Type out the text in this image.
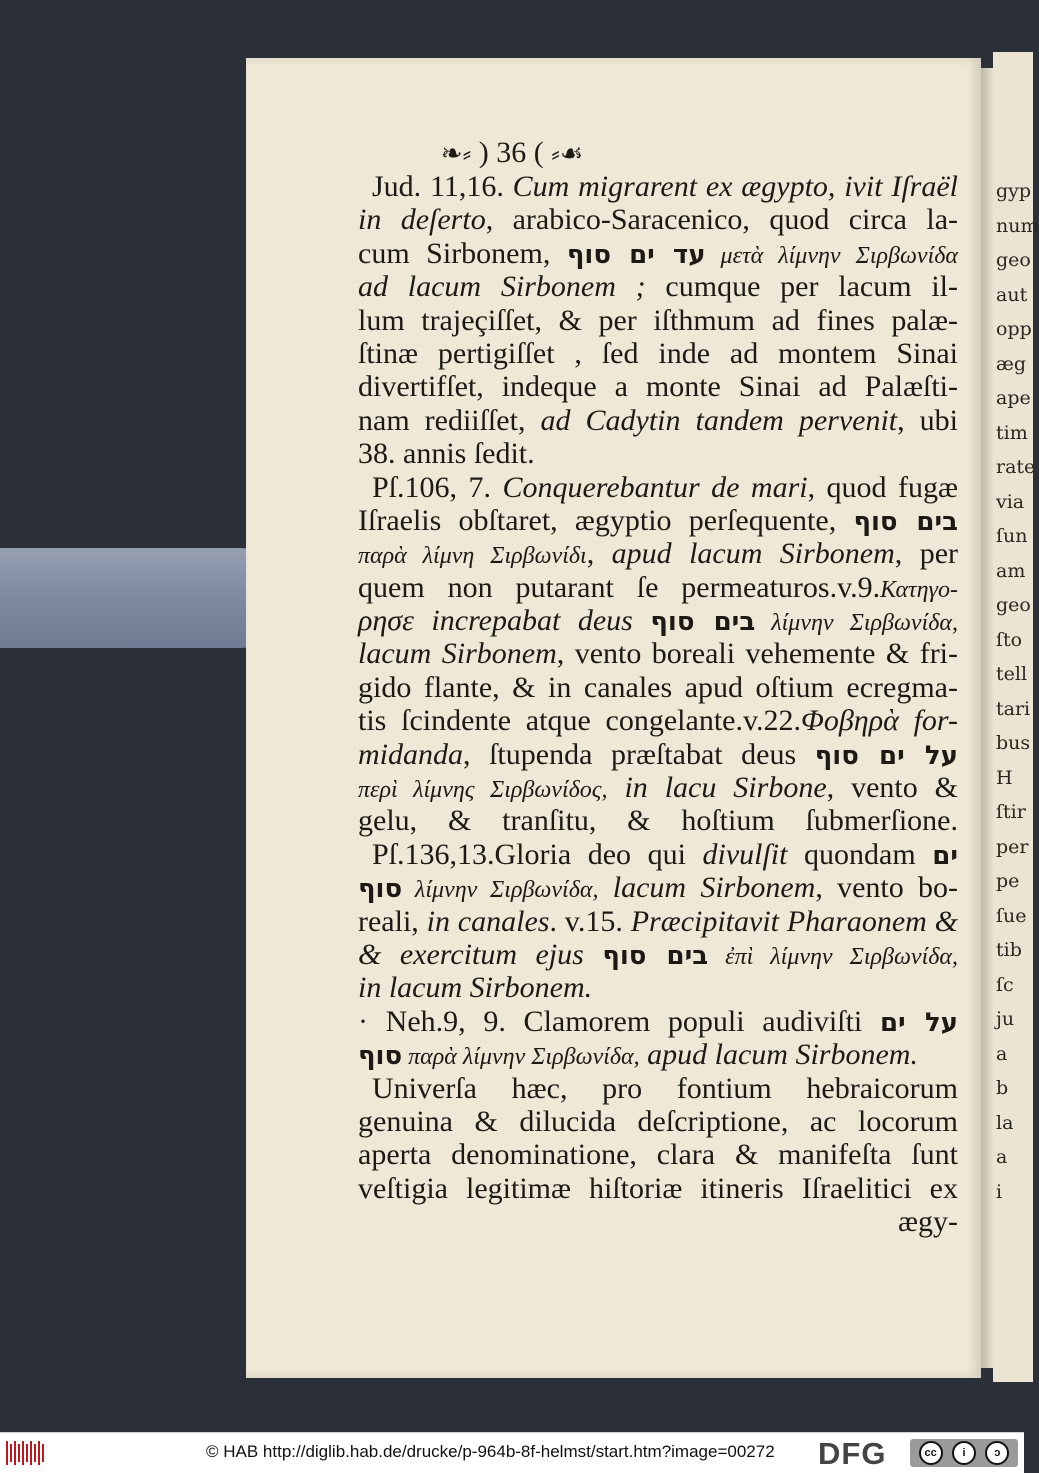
gyp
num
geo
aut
opp
æg
ape
tim
rate
via
ſun
am
geo
ſto
tell
tari
bus
H
ſtir
per
pe
ſue
tib
ſc
ju
a
b
la
a
i
❧⸗ ) 36 ( ⸗☙
Jud. 11,16. Cum migrarent ex ægypto, ivit Iſraël
in deſerto, arabico-Saracenico, quod circa la-
cum Sirbonem, עד ים סוף μετὰ λίμνην Σιρβωνίδα
ad lacum Sirbonem ; cumque per lacum il-
lum trajeçiſſet, & per iſthmum ad fines palæ-
ſtinæ pertigiſſet , ſed inde ad montem Sinai
divertifſet, indeque a monte Sinai ad Palæſti-
nam rediiſſet, ad Cadytin tandem pervenit, ubi
38. annis ſedit.
Pſ.106, 7. Conquerebantur de mari, quod fugæ
Iſraelis obſtaret, ægyptio perſequente, בים סוף
παρὰ λίμνη Σιρβωνίδι, apud lacum Sirbonem, per
quem non putarant ſe permeaturos.v.9.Κατηγο-
ρησε increpabat deus בים סוף λίμνην Σιρβωνίδα,
lacum Sirbonem, vento boreali vehemente & fri-
gido flante, & in canales apud oſtium ecregma-
tis ſcindente atque congelante.v.22.Φοβηρὰ for-
midanda, ſtupenda præſtabat deus על ים סוף
περὶ λίμνης Σιρβωνίδος, in lacu Sirbone, vento &
gelu, & tranſitu, & hoſtium ſubmerſione.
Pſ.136,13.Gloria deo qui divulſit quondam ים
סוף λίμνην Σιρβωνίδα, lacum Sirbonem, vento bo-
reali, in canales. v.15. Præcipitavit Pharaonem &
& exercitum ejus בים סוף ἐπὶ λίμνην Σιρβωνίδα,
in lacum Sirbonem.
· Neh.9, 9. Clamorem populi audiviſti על ים
סוף παρὰ λίμνην Σιρβωνίδα, apud lacum Sirbonem.
Univerſa hæc, pro fontium hebraicorum
genuina & dilucida deſcriptione, ac locorum
aperta denominatione, clara & manifeſta ſunt
veſtigia legitimæ hiſtoriæ itineris Iſraelitici ex
ægy-
© HAB http://diglib.hab.de/drucke/p-964b-8f-helmst/start.htm?image=00272 DFG	cc	i	ɔ
